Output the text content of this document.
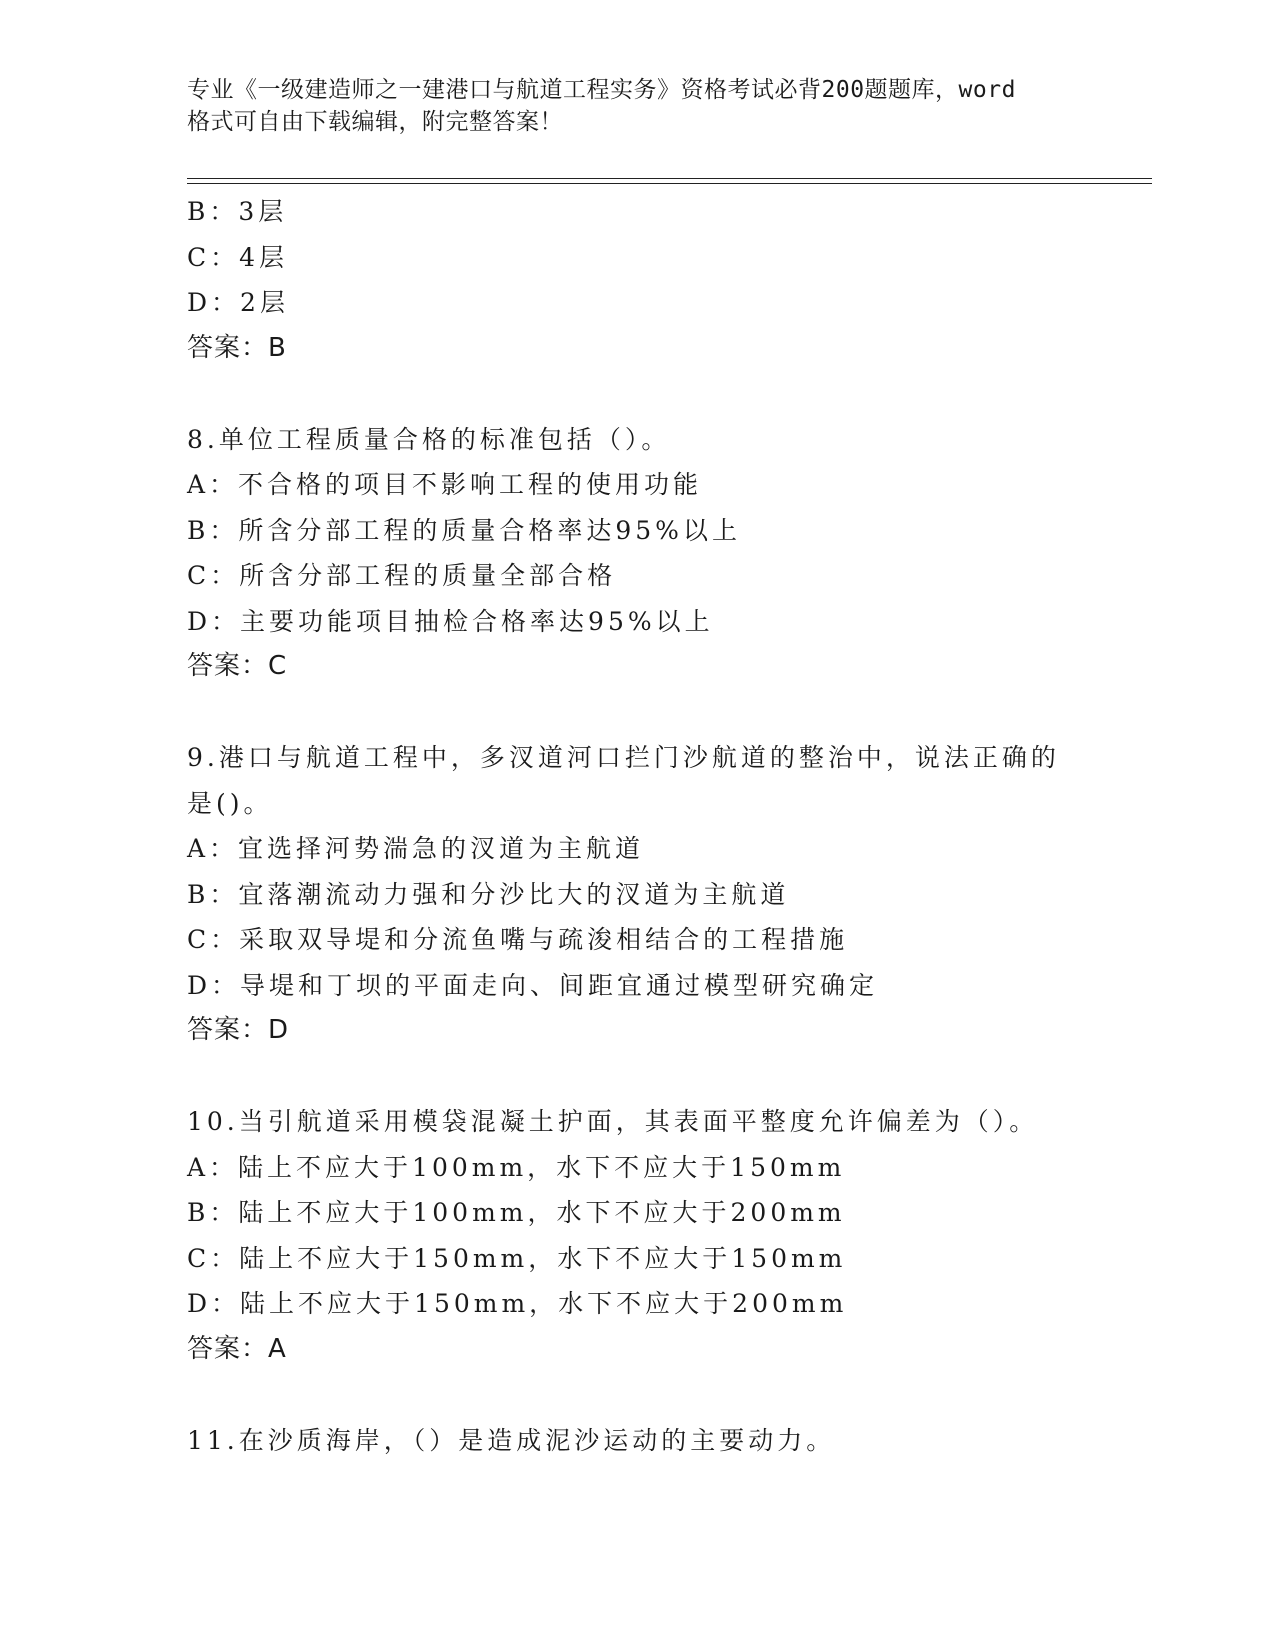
专业《一级建造师之一建港口与航道工程实务》资格考试必背200题题库，word
格式可自由下载编辑，附完整答案！
B：3层
C：4层
D：2层
答案：B
8.单位工程质量合格的标准包括（）。
A：不合格的项目不影响工程的使用功能
B：所含分部工程的质量合格率达95%以上
C：所含分部工程的质量全部合格
D：主要功能项目抽检合格率达95%以上
答案：C
9.港口与航道工程中，多汊道河口拦门沙航道的整治中，说法正确的
是()。
A：宜选择河势湍急的汊道为主航道
B：宜落潮流动力强和分沙比大的汊道为主航道
C：采取双导堤和分流鱼嘴与疏浚相结合的工程措施
D：导堤和丁坝的平面走向、间距宜通过模型研究确定
答案：D
10.当引航道采用模袋混凝土护面，其表面平整度允许偏差为（）。
A：陆上不应大于100mm，水下不应大于150mm
B：陆上不应大于100mm，水下不应大于200mm
C：陆上不应大于150mm，水下不应大于150mm
D：陆上不应大于150mm，水下不应大于200mm
答案：A
11.在沙质海岸，（）是造成泥沙运动的主要动力。
